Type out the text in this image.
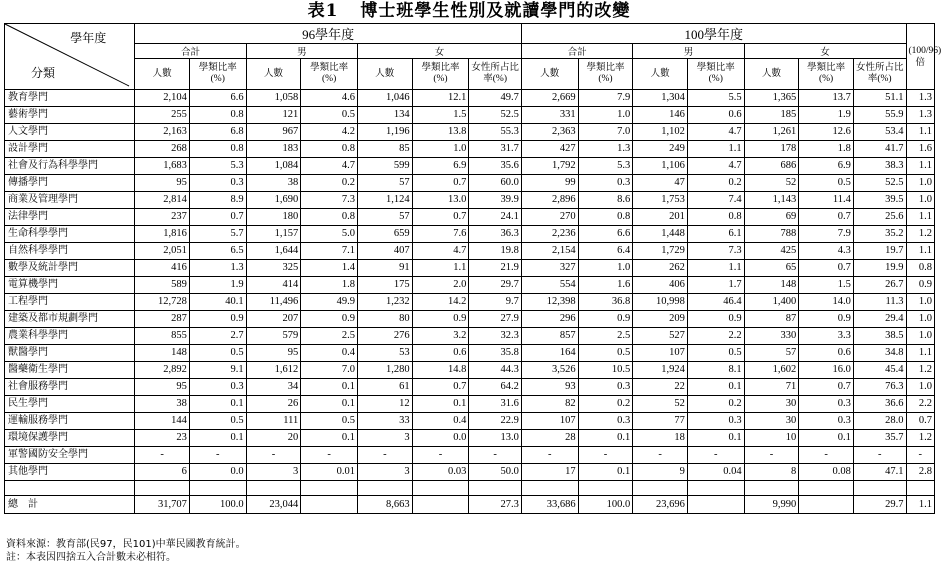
表1 博士班學生性別及就讀學門的改變
學年度
分類	96學年度							100學年度							(100/96)倍
	合計		男		女			合計		男		女			
	人數	學類比率(%)	人數	學類比率(%)	人數	學類比率(%)	女性所占比率(%)	人數	學類比率(%)	人數	學類比率(%)	人數	學類比率(%)	女性所占比率(%)	
教育學門	2,104	6.6	1,058	4.6	1,046	12.1	49.7	2,669	7.9	1,304	5.5	1,365	13.7	51.1	1.3
藝術學門	255	0.8	121	0.5	134	1.5	52.5	331	1.0	146	0.6	185	1.9	55.9	1.3
人文學門	2,163	6.8	967	4.2	1,196	13.8	55.3	2,363	7.0	1,102	4.7	1,261	12.6	53.4	1.1
設計學門	268	0.8	183	0.8	85	1.0	31.7	427	1.3	249	1.1	178	1.8	41.7	1.6
社會及行為科學學門	1,683	5.3	1,084	4.7	599	6.9	35.6	1,792	5.3	1,106	4.7	686	6.9	38.3	1.1
傳播學門	95	0.3	38	0.2	57	0.7	60.0	99	0.3	47	0.2	52	0.5	52.5	1.0
商業及管理學門	2,814	8.9	1,690	7.3	1,124	13.0	39.9	2,896	8.6	1,753	7.4	1,143	11.4	39.5	1.0
法律學門	237	0.7	180	0.8	57	0.7	24.1	270	0.8	201	0.8	69	0.7	25.6	1.1
生命科學學門	1,816	5.7	1,157	5.0	659	7.6	36.3	2,236	6.6	1,448	6.1	788	7.9	35.2	1.2
自然科學學門	2,051	6.5	1,644	7.1	407	4.7	19.8	2,154	6.4	1,729	7.3	425	4.3	19.7	1.1
數學及統計學門	416	1.3	325	1.4	91	1.1	21.9	327	1.0	262	1.1	65	0.7	19.9	0.8
電算機學門	589	1.9	414	1.8	175	2.0	29.7	554	1.6	406	1.7	148	1.5	26.7	0.9
工程學門	12,728	40.1	11,496	49.9	1,232	14.2	9.7	12,398	36.8	10,998	46.4	1,400	14.0	11.3	1.0
建築及都市規劃學門	287	0.9	207	0.9	80	0.9	27.9	296	0.9	209	0.9	87	0.9	29.4	1.0
農業科學學門	855	2.7	579	2.5	276	3.2	32.3	857	2.5	527	2.2	330	3.3	38.5	1.0
獸醫學門	148	0.5	95	0.4	53	0.6	35.8	164	0.5	107	0.5	57	0.6	34.8	1.1
醫藥衛生學門	2,892	9.1	1,612	7.0	1,280	14.8	44.3	3,526	10.5	1,924	8.1	1,602	16.0	45.4	1.2
社會服務學門	95	0.3	34	0.1	61	0.7	64.2	93	0.3	22	0.1	71	0.7	76.3	1.0
民生學門	38	0.1	26	0.1	12	0.1	31.6	82	0.2	52	0.2	30	0.3	36.6	2.2
運輸服務學門	144	0.5	111	0.5	33	0.4	22.9	107	0.3	77	0.3	30	0.3	28.0	0.7
環境保護學門	23	0.1	20	0.1	3	0.0	13.0	28	0.1	18	0.1	10	0.1	35.7	1.2
軍警國防安全學門	-	-	-	-	-	-	-	-	-	-	-	-	-	-	-
其他學門	6	0.0	3	0.01	3	0.03	50.0	17	0.1	9	0.04	8	0.08	47.1	2.8

總　計	31,707	100.0	23,044		8,663		27.3	33,686	100.0	23,696		9,990		29.7	1.1
資料來源：教育部(民97，民101)中華民國教育統計。
註：本表因四捨五入合計數未必相符。
